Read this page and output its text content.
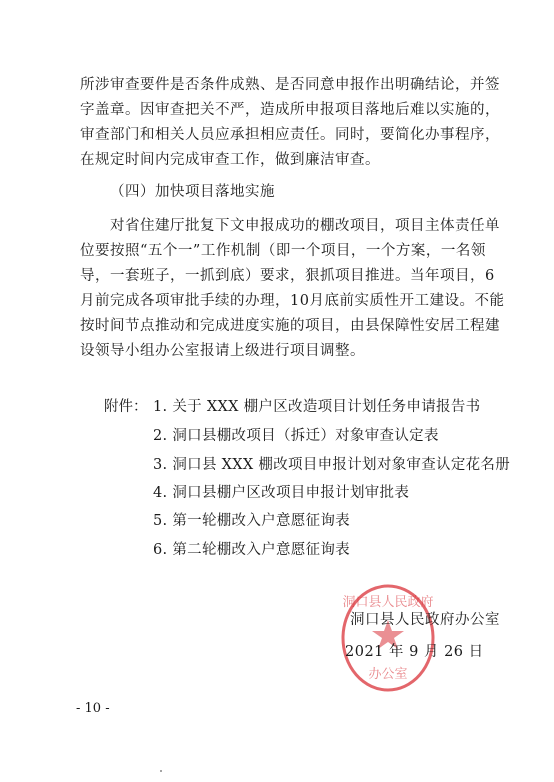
所涉审查要件是否条件成熟、是否同意申报作出明确结论，并签
字盖章。因审查把关不严，造成所申报项目落地后难以实施的，
审查部门和相关人员应承担相应责任。同时，要简化办事程序，
在规定时间内完成审查工作，做到廉洁审查。
（四）加快项目落地实施
对省住建厅批复下文申报成功的棚改项目，项目主体责任单
位要按照“五个一”工作机制（即一个项目，一个方案，一名领
导，一套班子，一抓到底）要求，狠抓项目推进。当年项目，6
月前完成各项审批手续的办理，10月底前实质性开工建设。不能
按时间节点推动和完成进度实施的项目，由县保障性安居工程建
设领导小组办公室报请上级进行项目调整。
附件： 1. 关于 XXX 棚户区改造项目计划任务申请报告书
2. 洞口县棚改项目（拆迁）对象审查认定表
3. 洞口县 XXX 棚改项目申报计划对象审查认定花名册
4. 洞口县棚户区改项目申报计划审批表
5. 第一轮棚改入户意愿征询表
6. 第二轮棚改入户意愿征询表
洞口县人民政府
办公室
洞口县人民政府办公室
2021 年 9 月 26 日
- 10 -
